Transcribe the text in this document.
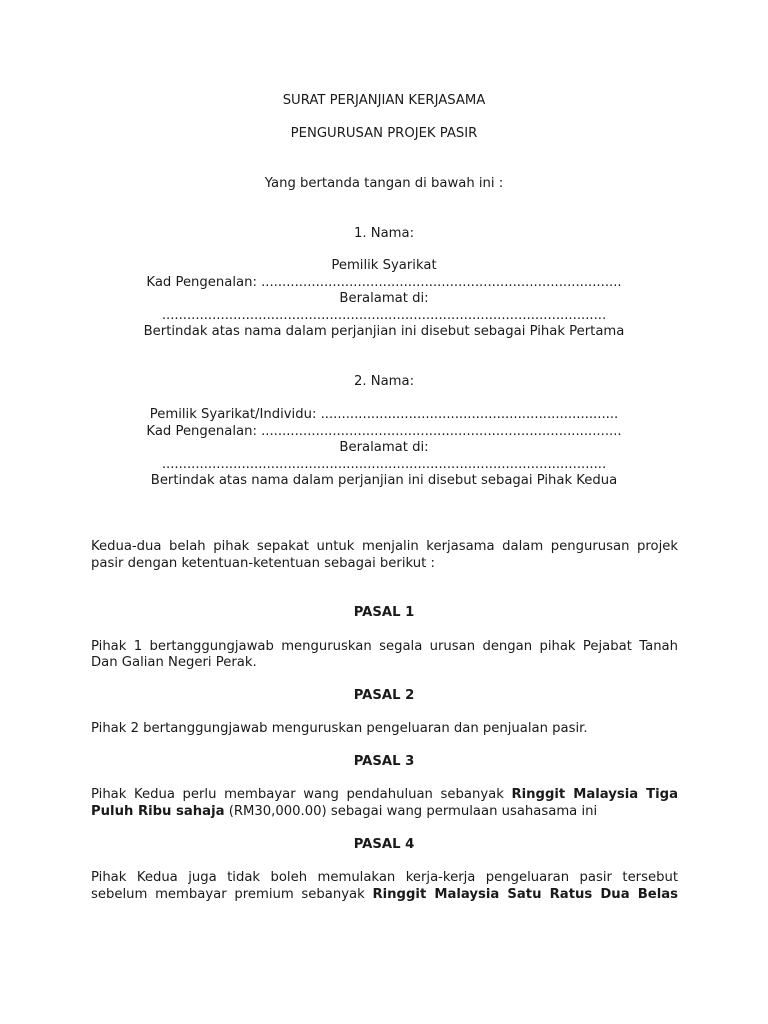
SURAT PERJANJIAN KERJASAMA
PENGURUSAN PROJEK PASIR
Yang bertanda tangan di bawah ini :
1. Nama:
Pemilik Syarikat
Kad Pengenalan: ......................................................................................
Beralamat di:
..........................................................................................................
Bertindak atas nama dalam perjanjian ini disebut sebagai Pihak Pertama
2. Nama:
Pemilik Syarikat/Individu: .......................................................................
Kad Pengenalan: ......................................................................................
Beralamat di:
..........................................................................................................
Bertindak atas nama dalam perjanjian ini disebut sebagai Pihak Kedua
Kedua-dua belah pihak sepakat untuk menjalin kerjasama dalam pengurusan projek
pasir dengan ketentuan-ketentuan sebagai berikut :
PASAL 1
Pihak 1 bertanggungjawab menguruskan segala urusan dengan pihak Pejabat Tanah
Dan Galian Negeri Perak.
PASAL 2
Pihak 2 bertanggungjawab menguruskan pengeluaran dan penjualan pasir.
PASAL 3
Pihak Kedua perlu membayar wang pendahuluan sebanyak Ringgit Malaysia Tiga
Puluh Ribu sahaja (RM30,000.00) sebagai wang permulaan usahasama ini
PASAL 4
Pihak Kedua juga tidak boleh memulakan kerja-kerja pengeluaran pasir tersebut
sebelum membayar premium sebanyak Ringgit Malaysia Satu Ratus Dua Belas
